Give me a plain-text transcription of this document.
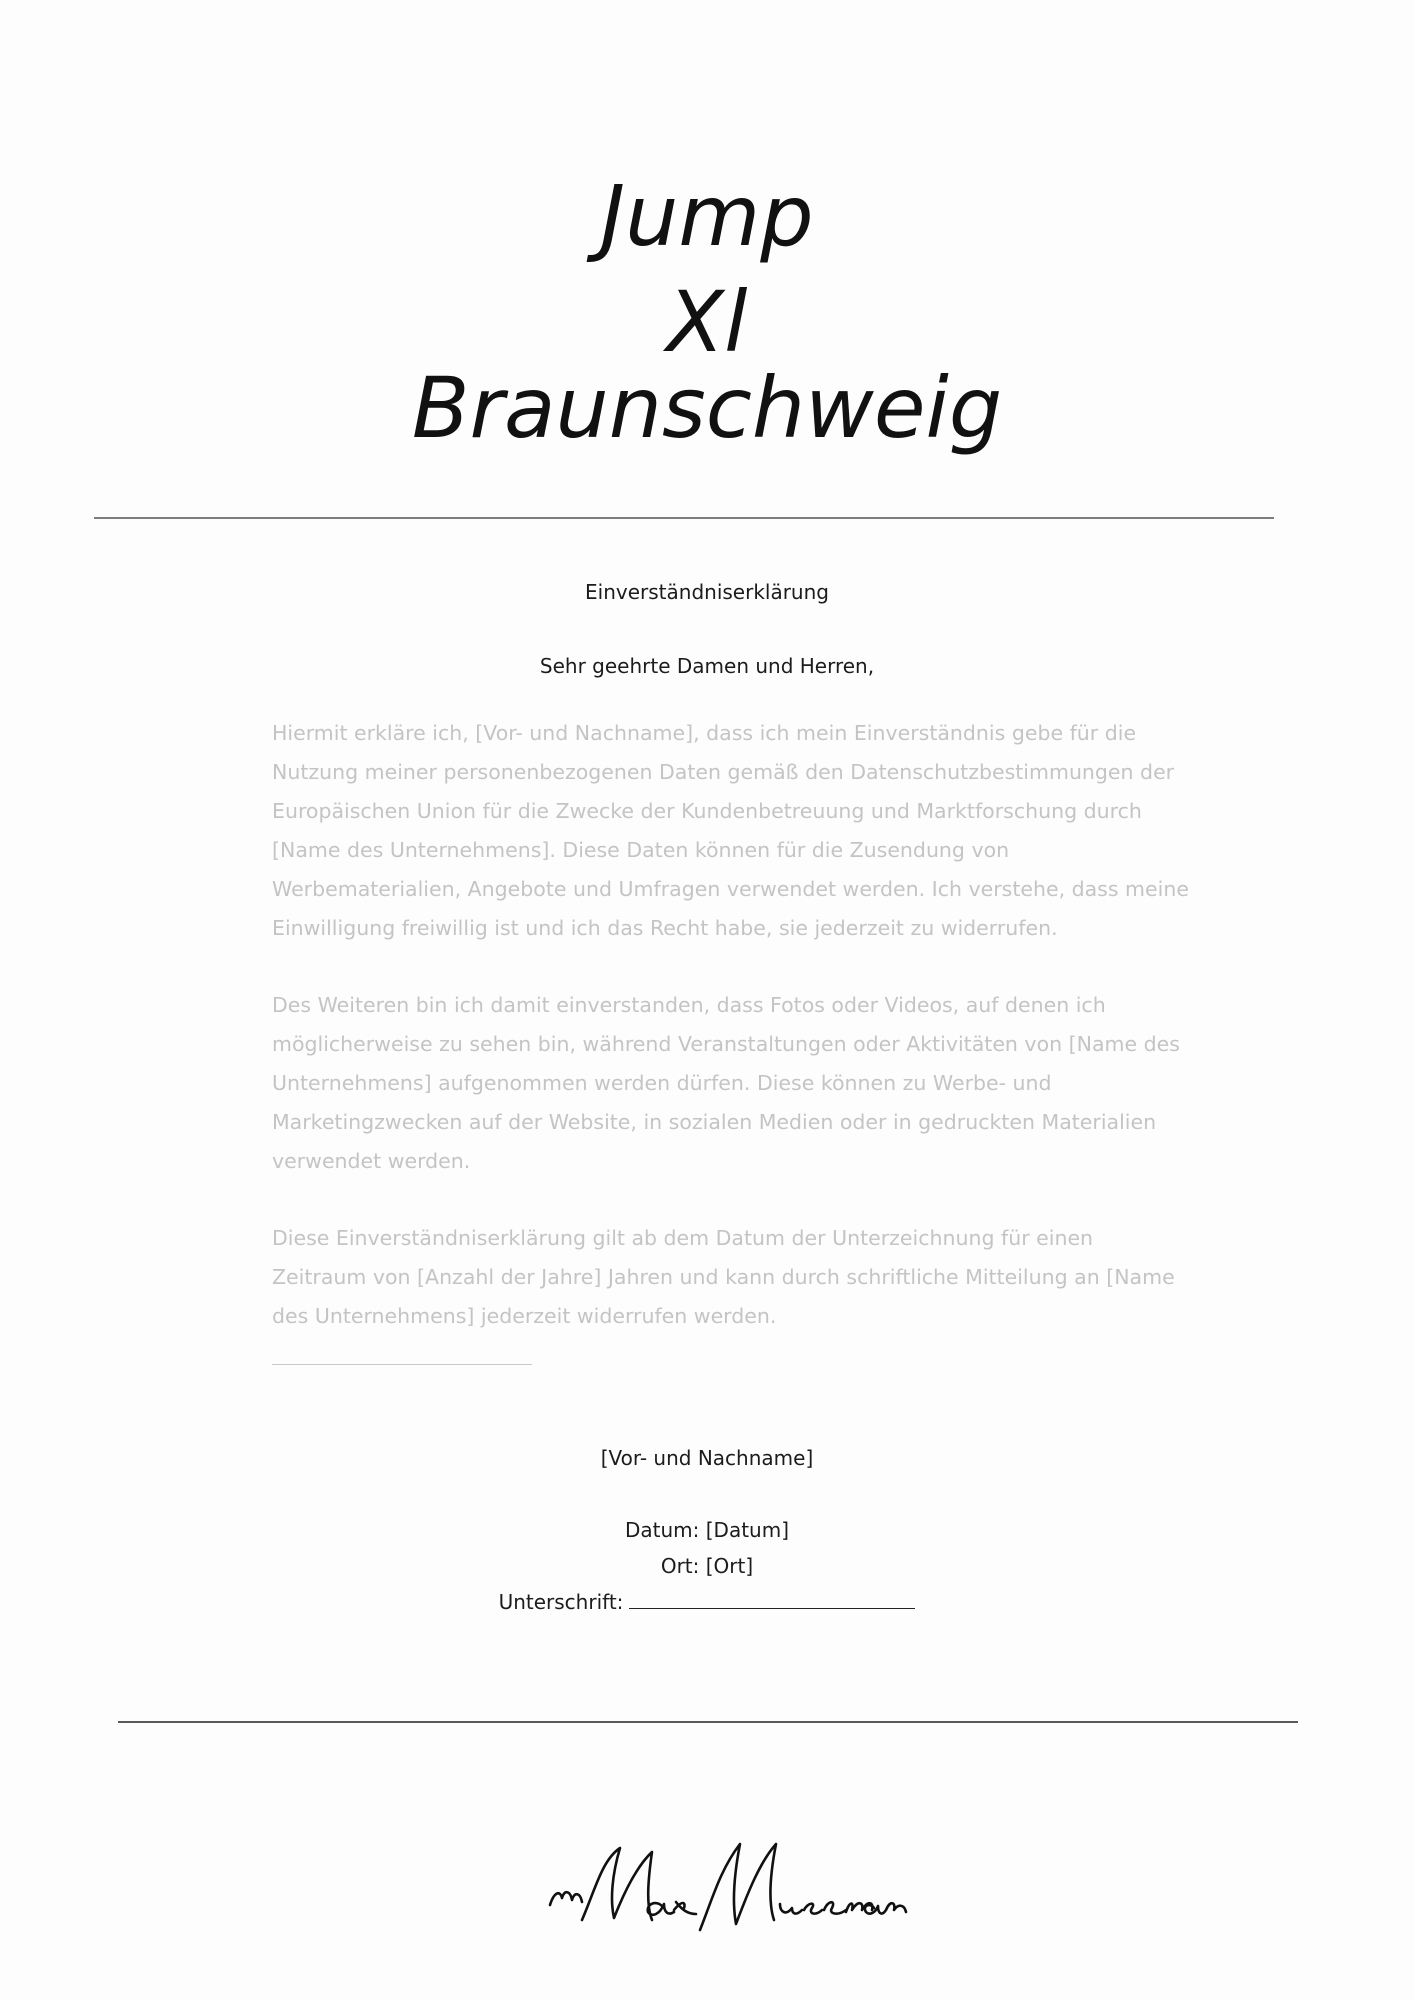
Jump
Xl
Braunschweig
Einverständniserklärung
Sehr geehrte Damen und Herren,

Hiermit erkläre ich, [Vor- und Nachname], dass ich mein Einverständnis gebe für die Nutzung meiner personenbezogenen Daten gemäß den Datenschutzbestimmungen der Europäischen Union für die Zwecke der Kundenbetreuung und Marktforschung durch [Name des Unternehmens]. Diese Daten können für die Zusendung von Werbematerialien, Angebote und Umfragen verwendet werden. Ich verstehe, dass meine Einwilligung freiwillig ist und ich das Recht habe, sie jederzeit zu widerrufen.

Des Weiteren bin ich damit einverstanden, dass Fotos oder Videos, auf denen ich möglicherweise zu sehen bin, während Veranstaltungen oder Aktivitäten von [Name des Unternehmens] aufgenommen werden dürfen. Diese können zu Werbe- und Marketingzwecken auf der Website, in sozialen Medien oder in gedruckten Materialien verwendet werden.

Diese Einverständniserklärung gilt ab dem Datum der Unterzeichnung für einen Zeitraum von [Anzahl der Jahre] Jahren und kann durch schriftliche Mitteilung an [Name des Unternehmens] jederzeit widerrufen werden.

[Vor- und Nachname]
Datum: [Datum]
Ort: [Ort]
Unterschrift:
m Max Musrerman
